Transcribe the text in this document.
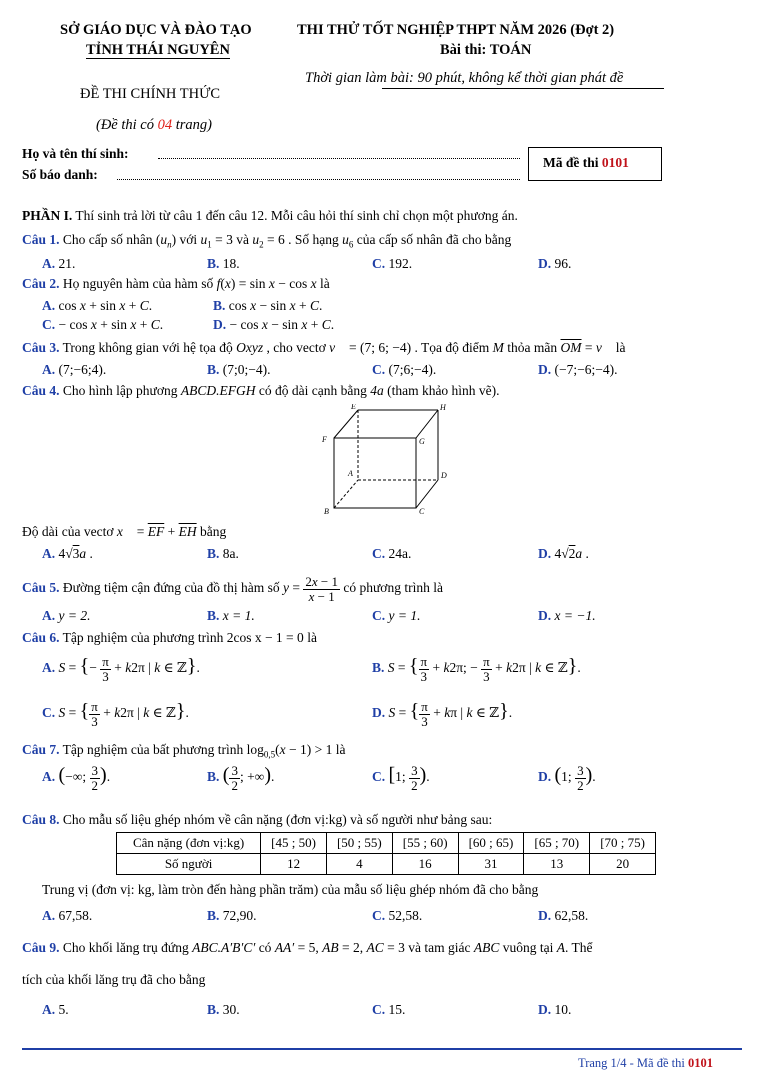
SỞ GIÁO DỤC VÀ ĐÀO TẠO
TỈNH THÁI NGUYÊN
ĐỀ THI CHÍNH THỨC
(Đề thi có 04 trang)
THI THỬ TỐT NGHIỆP THPT NĂM 2026 (Đợt 2)
Bài thi: TOÁN
Thời gian làm bài: 90 phút, không kể thời gian phát đề
Họ và tên thí sinh:
Số báo danh:
Mã đề thi 0101
PHẦN I. Thí sinh trả lời từ câu 1 đến câu 12. Mỗi câu hỏi thí sinh chỉ chọn một phương án.
Câu 1. Cho cấp số nhân $(u_n)$ với $u_1 = 3$ và $u_2 = 6$ . Số hạng $u_6$ của cấp số nhân đã cho bằng
A. 21.	B. 18.	C. 192.	D. 96.
Câu 2. Họ nguyên hàm của hàm số f(x) = sin x − cos x là
A. cos x + sin x + C.	B. cos x − sin x + C.
C. − cos x + sin x + C.	D. − cos x − sin x + C.
Câu 3. Trong không gian với hệ tọa độ Oxyz , cho vectơ v⃗ = (7; 6; −4) . Tọa độ điểm M thỏa mãn $\overline{OM}$ = v⃗ là
A. (7;−6;4).	B. (7;0;−4).	C. (7;6;−4).	D. (−7;−6;−4).
Câu 4. Cho hình lập phương ABCD.EFGH có độ dài cạnh bằng 4a (tham khảo hình vẽ).
E	H
F	G
A	D
B	C
Độ dài của vectơ x⃗ = $\overline{EF} + \overline{EH}$ bằng
A. 4√3a .	B. 8a.	C. 24a.	D. 4√2a .
Câu 5. Đường tiệm cận đứng của đồ thị hàm số $y = \frac{2x - 1}{x - 1}$ có phương trình là
A. y = 2.	B. x = 1.	C. y = 1.	D. x = −1.
Câu 6. Tập nghiệm của phương trình 2cos x − 1 = 0 là
A. S = {− $\frac{\pi}{3} + k2\pi$ | k ∈ ℤ}.	B. S = { $\frac{\pi}{3} + k2\pi$; − $\frac{\pi}{3} + k2\pi$ | k ∈ ℤ}.
C. S = { $\frac{\pi}{3} + k2\pi$ | k ∈ ℤ}.	D. S = { $\frac{\pi}{3} + k\pi$ | k ∈ ℤ}.
Câu 7. Tập nghiệm của bất phương trình $\log_{0,5}(x - 1) > 1$ là
A. (−∞; $\frac{3}{2}$ ).	B. ( $\frac{3}{2}$ ; +∞).	C. [1; $\frac{3}{2}$ ).	D. (1; $\frac{3}{2}$ ).
Câu 8. Cho mẫu số liệu ghép nhóm về cân nặng (đơn vị:kg) và số người như bảng sau:
Cân nặng (đơn vị:kg)	[45 ; 50)	[50 ; 55)	[55 ; 60)	[60 ; 65)	[65 ; 70)	[70 ; 75)
Số người	12	4	16	31	13	20
Trung vị (đơn vị: kg, làm tròn đến hàng phần trăm) của mẫu số liệu ghép nhóm đã cho bằng
A. 67,58.	B. 72,90.	C. 52,58.	D. 62,58.
Câu 9. Cho khối lăng trụ đứng ABC.A′B′C′ có AA′ = 5, AB = 2, AC = 3 và tam giác ABC vuông tại A. Thể
tích của khối lăng trụ đã cho bằng
A. 5.	B. 30.	C. 15.	D. 10.
Trang 1/4 - Mã đề thi 0101
